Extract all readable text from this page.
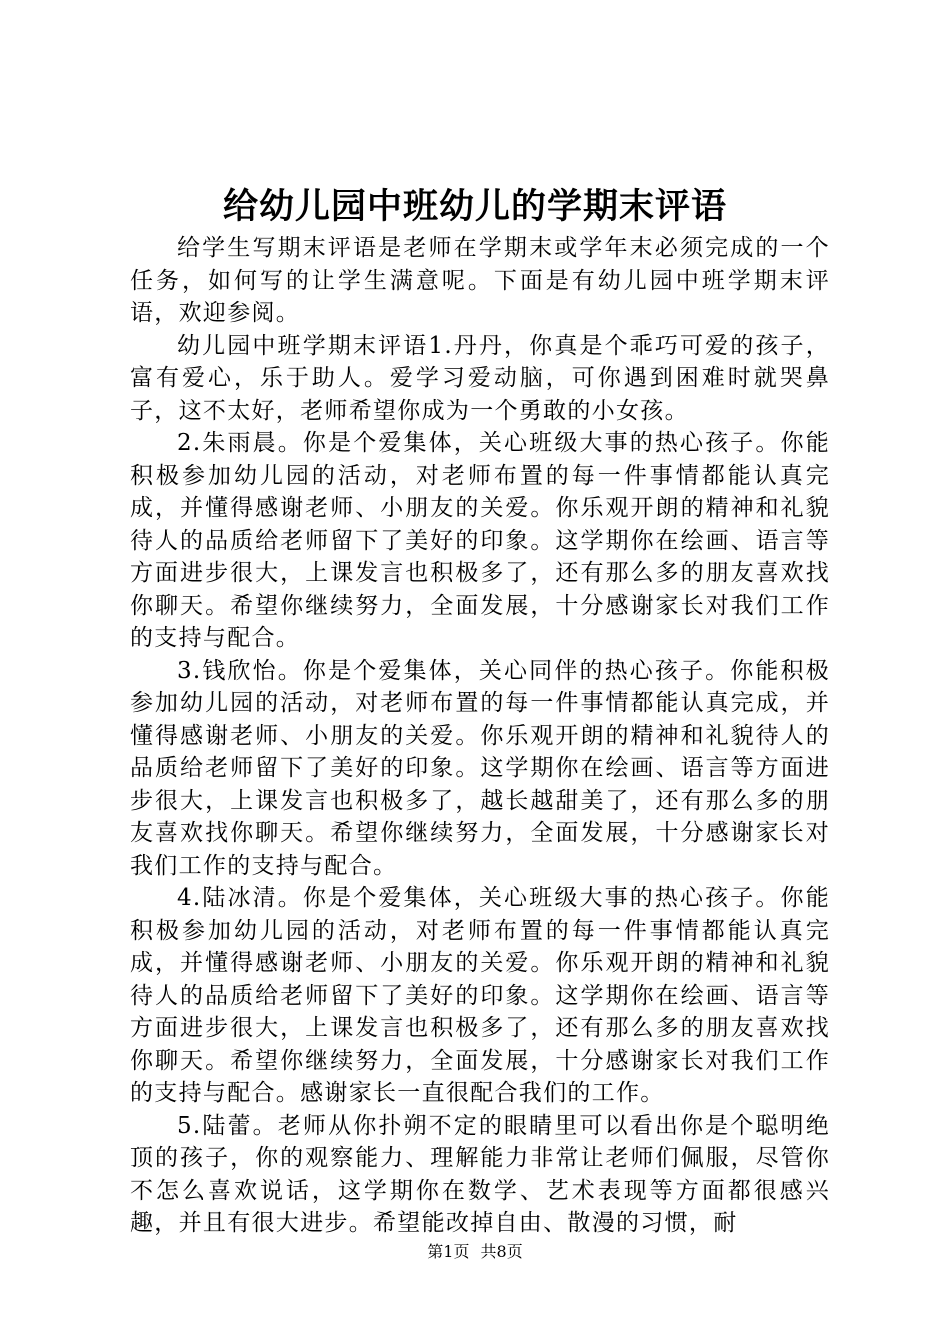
给幼儿园中班幼儿的学期末评语

给学生写期末评语是老师在学期末或学年末必须完成的一个任务，如何写的让学生满意呢。下面是有幼儿园中班学期末评语，欢迎参阅。

幼儿园中班学期末评语1.丹丹，你真是个乖巧可爱的孩子，富有爱心，乐于助人。爱学习爱动脑，可你遇到困难时就哭鼻子，这不太好，老师希望你成为一个勇敢的小女孩。

2.朱雨晨。你是个爱集体，关心班级大事的热心孩子。你能积极参加幼儿园的活动，对老师布置的每一件事情都能认真完成，并懂得感谢老师、小朋友的关爱。你乐观开朗的精神和礼貌待人的品质给老师留下了美好的印象。这学期你在绘画、语言等方面进步很大，上课发言也积极多了，还有那么多的朋友喜欢找你聊天。希望你继续努力，全面发展，十分感谢家长对我们工作的支持与配合。

3.钱欣怡。你是个爱集体，关心同伴的热心孩子。你能积极参加幼儿园的活动，对老师布置的每一件事情都能认真完成，并懂得感谢老师、小朋友的关爱。你乐观开朗的精神和礼貌待人的品质给老师留下了美好的印象。这学期你在绘画、语言等方面进步很大，上课发言也积极多了，越长越甜美了，还有那么多的朋友喜欢找你聊天。希望你继续努力，全面发展，十分感谢家长对我们工作的支持与配合。

4.陆冰清。你是个爱集体，关心班级大事的热心孩子。你能积极参加幼儿园的活动，对老师布置的每一件事情都能认真完成，并懂得感谢老师、小朋友的关爱。你乐观开朗的精神和礼貌待人的品质给老师留下了美好的印象。这学期你在绘画、语言等方面进步很大，上课发言也积极多了，还有那么多的朋友喜欢找你聊天。希望你继续努力，全面发展，十分感谢家长对我们工作的支持与配合。感谢家长一直很配合我们的工作。

5.陆蕾。老师从你扑朔不定的眼睛里可以看出你是个聪明绝顶的孩子，你的观察能力、理解能力非常让老师们佩服，尽管你不怎么喜欢说话，这学期你在数学、艺术表现等方面都很感兴趣，并且有很大进步。希望能改掉自由、散漫的习惯，耐

第1页 共8页
